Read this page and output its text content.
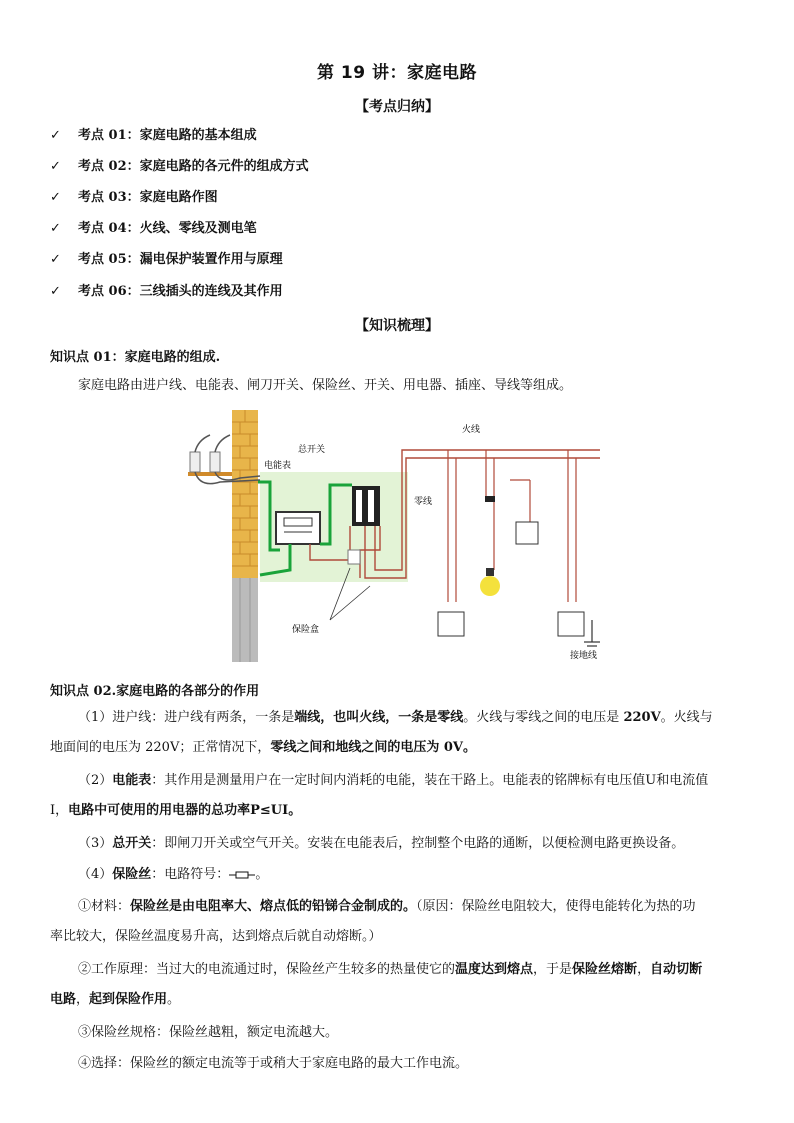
第 19 讲：家庭电路
【考点归纳】
✓ 考点 01：家庭电路的基本组成
✓ 考点 02：家庭电路的各元件的组成方式
✓ 考点 03：家庭电路作图
✓ 考点 04：火线、零线及测电笔
✓ 考点 05：漏电保护装置作用与原理
✓ 考点 06：三线插头的连线及其作用
【知识梳理】
知识点 01：家庭电路的组成.
家庭电路由进户线、电能表、闸刀开关、保险丝、开关、用电器、插座、导线等组成。
电能表
总开关
火线
零线
保险盒
接地线
知识点 02.家庭电路的各部分的作用
（1）进户线：进户线有两条，一条是端线，也叫火线，一条是零线。火线与零线之间的电压是 220V。火线与
地面间的电压为 220V；正常情况下，零线之间和地线之间的电压为 0V。
（2）电能表：其作用是测量用户在一定时间内消耗的电能，装在干路上。电能表的铭牌标有电压值U和电流值
I，电路中可使用的用电器的总功率P≤UI。
（3）总开关：即闸刀开关或空气开关。安装在电能表后，控制整个电路的通断，以便检测电路更换设备。
（4）保险丝：电路符号： 。
①材料：保险丝是由电阻率大、熔点低的铅锑合金制成的。（原因：保险丝电阻较大，使得电能转化为热的功
率比较大，保险丝温度易升高，达到熔点后就自动熔断。）
②工作原理：当过大的电流通过时，保险丝产生较多的热量使它的温度达到熔点，于是保险丝熔断，自动切断
电路，起到保险作用。
③保险丝规格：保险丝越粗，额定电流越大。
④选择：保险丝的额定电流等于或稍大于家庭电路的最大工作电流。
